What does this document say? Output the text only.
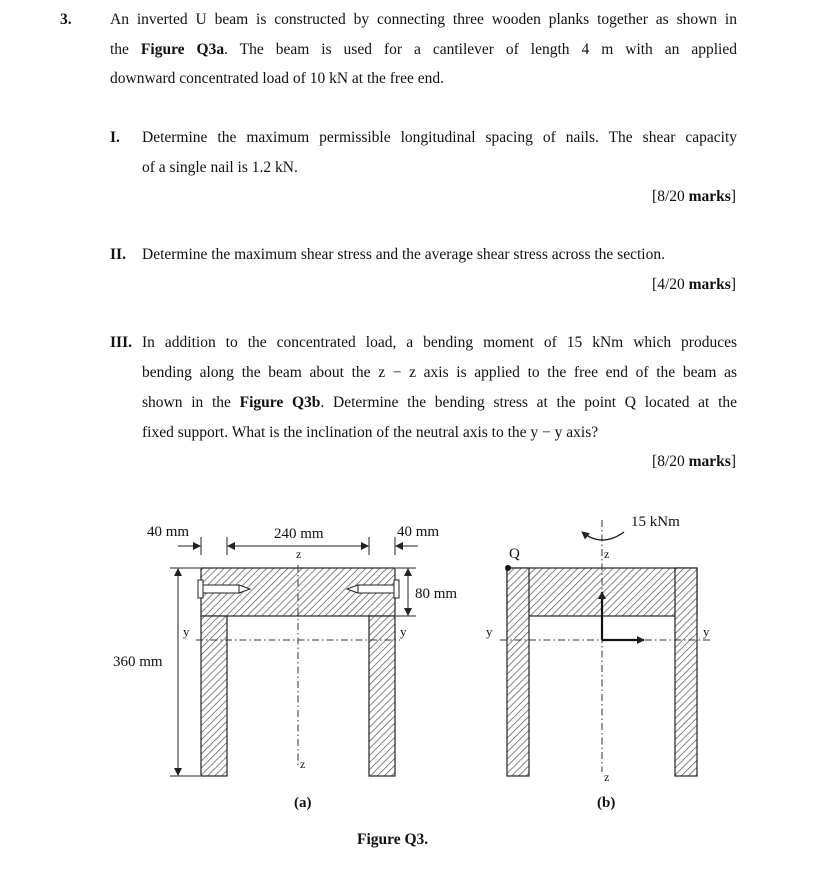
3. An inverted U beam is constructed by connecting three wooden planks together as shown in
the Figure Q3a. The beam is used for a cantilever of length 4 m with an applied
downward concentrated load of 10 kN at the free end.
I. Determine the maximum permissible longitudinal spacing of nails. The shear capacity
of a single nail is 1.2 kN.
[8/20 marks]
II. Determine the maximum shear stress and the average shear stress across the section.
[4/20 marks]
III. In addition to the concentrated load, a bending moment of 15 kNm which produces
bending along the beam about the z − z axis is applied to the free end of the beam as
shown in the Figure Q3b. Determine the bending stress at the point Q located at the
fixed support. What is the inclination of the neutral axis to the y − y axis?
[8/20 marks]
40 mm	240 mm	40 mm
360 mm
80 mm
z
z
y	y
(a)
15 kNm
Q	z
z
y	y
(b)
Figure Q3.
